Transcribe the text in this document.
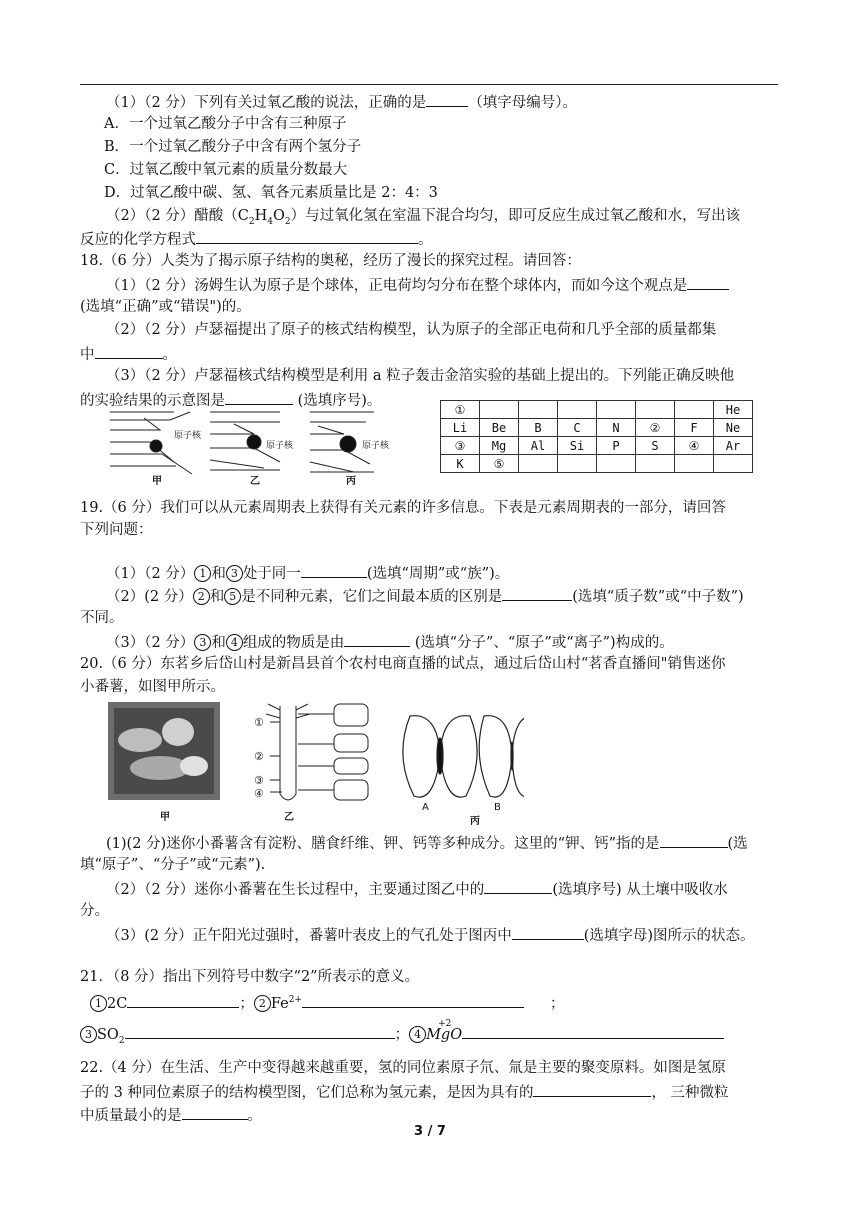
（1）（2 分）下列有关过氧乙酸的说法，正确的是	（填字母编号）。
A．一个过氧乙酸分子中含有三种原子
B．一个过氧乙酸分子中含有两个氢分子
C．过氧乙酸中氧元素的质量分数最大
D．过氧乙酸中碳、氢、氧各元素质量比是 2：4：3
（2）（2 分）醋酸$(C_2H_4O_2)$与过氧化氢在室温下混合均匀，即可反应生成过氧乙酸和水，写出该
反应的化学方程式	。
18.（6 分）人类为了揭示原子结构的奥秘，经历了漫长的探究过程。请回答：
（1）（2 分）汤姆生认为原子是个球体，正电荷均匀分布在整个球体内，而如今这个观点是
(选填“正确”或“错误")的。
（2）（2 分）卢瑟福提出了原子的核式结构模型，认为原子的全部正电荷和几乎全部的质量都集
中	。
（3）（2 分）卢瑟福核式结构模型是利用 a 粒子轰击金箔实验的基础上提出的。下列能正确反映他
的实验结果的示意图是	(选填序号)。
原子核
甲
原子核
乙
原子核
丙
①							He
Li	Be	B	C	N	②	F	Ne
③	Mg	Al	Si	P	S	④	Ar
K	⑤						
19.（6 分）我们可以从元素周期表上获得有关元素的许多信息。下表是元素周期表的一部分，请回答
下列问题：
（1）（2 分） 1 和 3 处于同一	(选填“周期”或“族”)。
（2）(2 分） 2 和 5 是不同种元素，它们之间最本质的区别是	(选填“质子数”或“中子数”)
不同。
（3）（2 分） 3 和 4 组成的物质是由	(选填“分子”、“原子”或“离子”)构成的。
20.（6 分）东茗乡后岱山村是新昌县首个农村电商直播的试点，通过后岱山村“茗香直播间"销售迷你
小番薯，如图甲所示。
甲
①
②
③
④
乙
A	B
丙
(1)(2 分)迷你小番薯含有淀粉、膳食纤维、钾、钙等多种成分。这里的“钾、钙”指的是	(选
填“原子”、“分子”或“元素”).
（2）（2 分）迷你小番薯在生长过程中，主要通过图乙中的	(选填序号) 从土壤中吸收水
分。
（3）(2 分）正午阳光过强时，番薯叶表皮上的气孔处于图丙中	(选填字母)图所示的状态。
21．（8 分）指出下列符号中数字“2”所表示的意义。
1 2C	； 2 $Fe^{2+}$	；
3 $SO_2$	； 4
+2
MgO
22.（4 分）在生活、生产中变得越来越重要，氢的同位素原子氘、氚是主要的聚变原料。如图是氢原
子的 3 种同位素原子的结构模型图，它们总称为氢元素，是因为具有的	， 三种微粒
中质量最小的是	。
3 / 7
